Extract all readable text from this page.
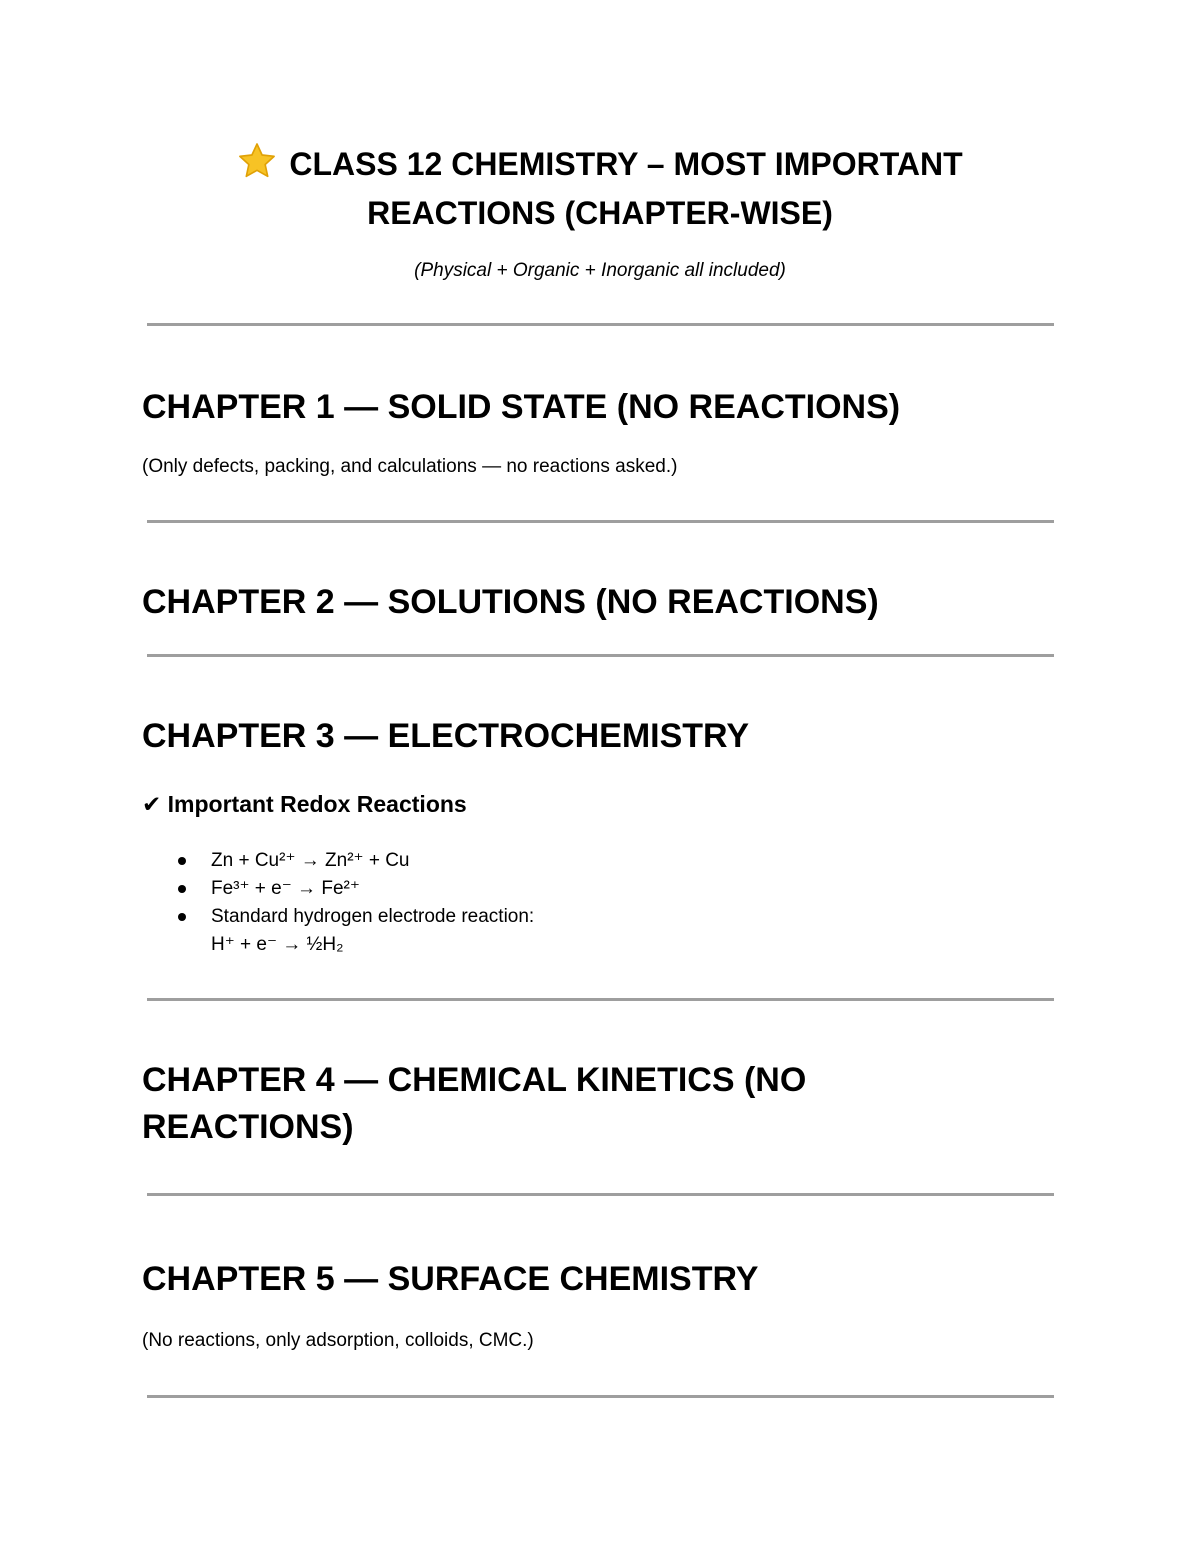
CLASS 12 CHEMISTRY – MOST IMPORTANT
REACTIONS (CHAPTER-WISE)
(Physical + Organic + Inorganic all included)
CHAPTER 1 — SOLID STATE (NO REACTIONS)
(Only defects, packing, and calculations — no reactions asked.)
CHAPTER 2 — SOLUTIONS (NO REACTIONS)
CHAPTER 3 — ELECTROCHEMISTRY
✔ Important Redox Reactions
Zn + Cu²⁺ → Zn²⁺ + Cu
Fe³⁺ + e⁻ → Fe²⁺
Standard hydrogen electrode reaction:
H⁺ + e⁻ → ½H₂
CHAPTER 4 — CHEMICAL KINETICS (NO
REACTIONS)
CHAPTER 5 — SURFACE CHEMISTRY
(No reactions, only adsorption, colloids, CMC.)
